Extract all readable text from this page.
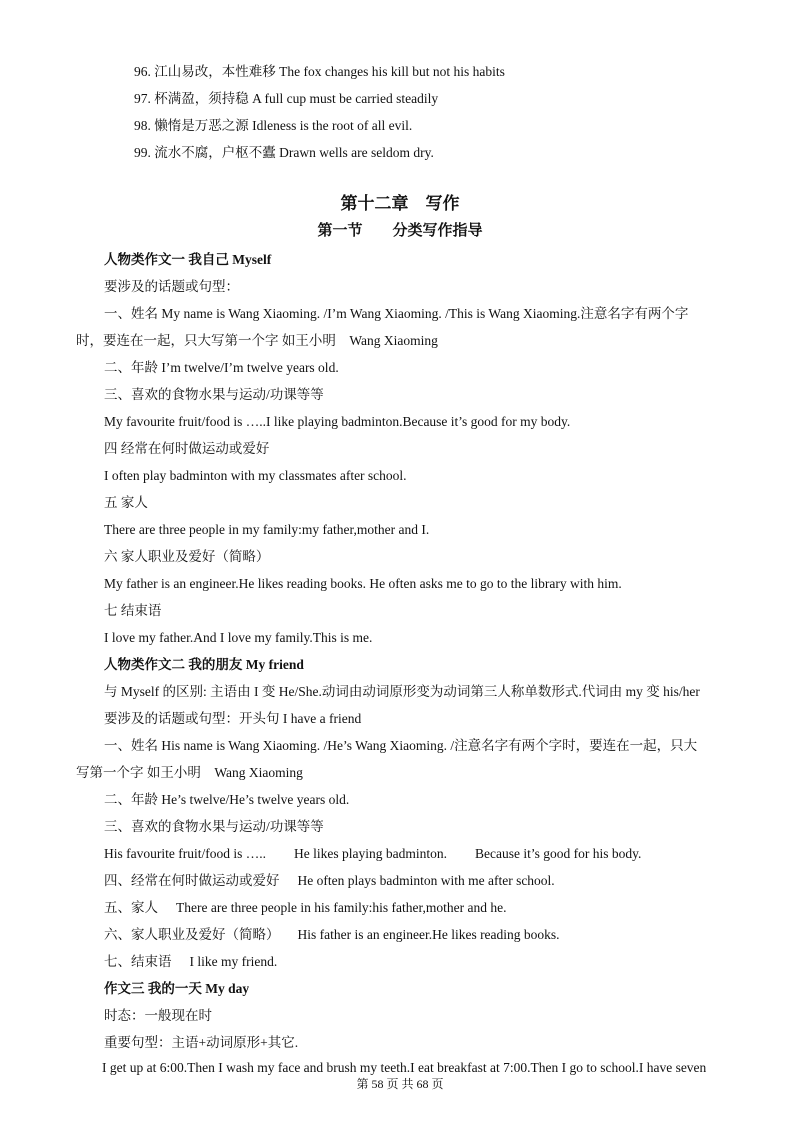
96. 江山易改，本性难移 The fox changes his kill but not his habits
97. 杯满盈，须持稳 A full cup must be carried steadily
98. 懒惰是万恶之源 Idleness is the root of all evil.
99. 流水不腐，户枢不蠹 Drawn wells are seldom dry.
第十二章　写作
第一节　　分类写作指导
人物类作文一 我自己 Myself
要涉及的话题或句型：
一、姓名 My name is Wang Xiaoming. /I’m Wang Xiaoming. /This is Wang Xiaoming.注意名字有两个字
时，要连在一起，只大写第一个字 如王小明　Wang Xiaoming
二、年龄 I’m twelve/I’m twelve years old.
三、喜欢的食物水果与运动/功课等等
My favourite fruit/food is …..I like playing badminton.Because it’s good for my body.
四 经常在何时做运动或爱好
I often play badminton with my classmates after school.
五 家人
There are three people in my family:my father,mother and I.
六 家人职业及爱好（简略）
My father is an engineer.He likes reading books. He often asks me to go to the library with him.
七 结束语
I love my father.And I love my family.This is me.
人物类作文二 我的朋友 My friend
与 Myself 的区别: 主语由 I 变 He/She.动词由动词原形变为动词第三人称单数形式.代词由 my 变 his/her
要涉及的话题或句型：开头句 I have a friend
一、姓名 His name is Wang Xiaoming. /He’s Wang Xiaoming. /注意名字有两个字时，要连在一起，只大
写第一个字 如王小明　Wang Xiaoming
二、年龄 He’s twelve/He’s twelve years old.
三、喜欢的食物水果与运动/功课等等
His favourite fruit/food is ….. He likes playing badminton. Because it’s good for his body.
四、经常在何时做运动或爱好 He often plays badminton with me after school.
五、家人 There are three people in his family:his father,mother and he.
六、家人职业及爱好（简略） His father is an engineer.He likes reading books.
七、结束语 I like my friend.
作文三 我的一天 My day
时态：一般现在时
重要句型：主语+动词原形+其它.
I get up at 6:00.Then I wash my face and brush my teeth.I eat breakfast at 7:00.Then I go to school.I have seven
第 58 页 共 68 页
